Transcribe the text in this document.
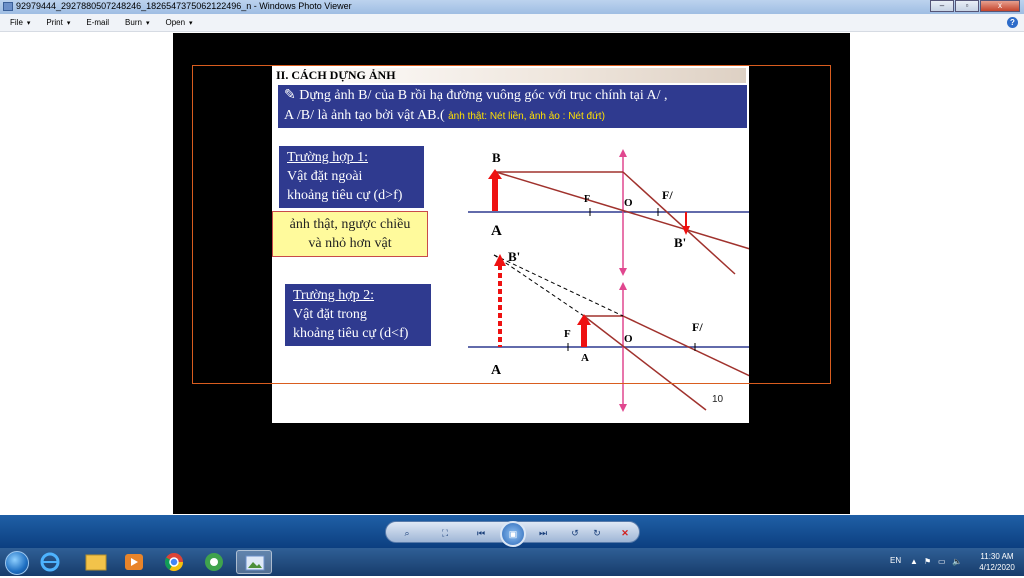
92979444_2927880507248246_1826547375062122496_n - Windows Photo Viewer	–	▫	x
File ▾ Print ▾ E-mail Burn ▾ Open ▾	?
II. CÁCH DỰNG ẢNH
✎ Dựng ảnh B/ của B rồi hạ đường vuông góc với trục chính tại A/ ,
A /B/ là ảnh tạo bởi vật AB.( ảnh thật: Nét liền, ảnh ảo : Nét đứt)
Trường hợp 1:
Vật đặt ngoài
khoảng tiêu cự (d>f)
ảnh thật, ngược chiều
và nhỏ hơn vật
Trường hợp 2:
Vật đặt trong
khoảng tiêu cự (d<f)
B
A
F	O
F/
B'
B'
A
F	O
F/
A
10
⌕	⛶	⏮	▣	⏭	↺	↻	✕
EN ▲ ⚑ ▭ 🔈
11:30 AM
4/12/2020
